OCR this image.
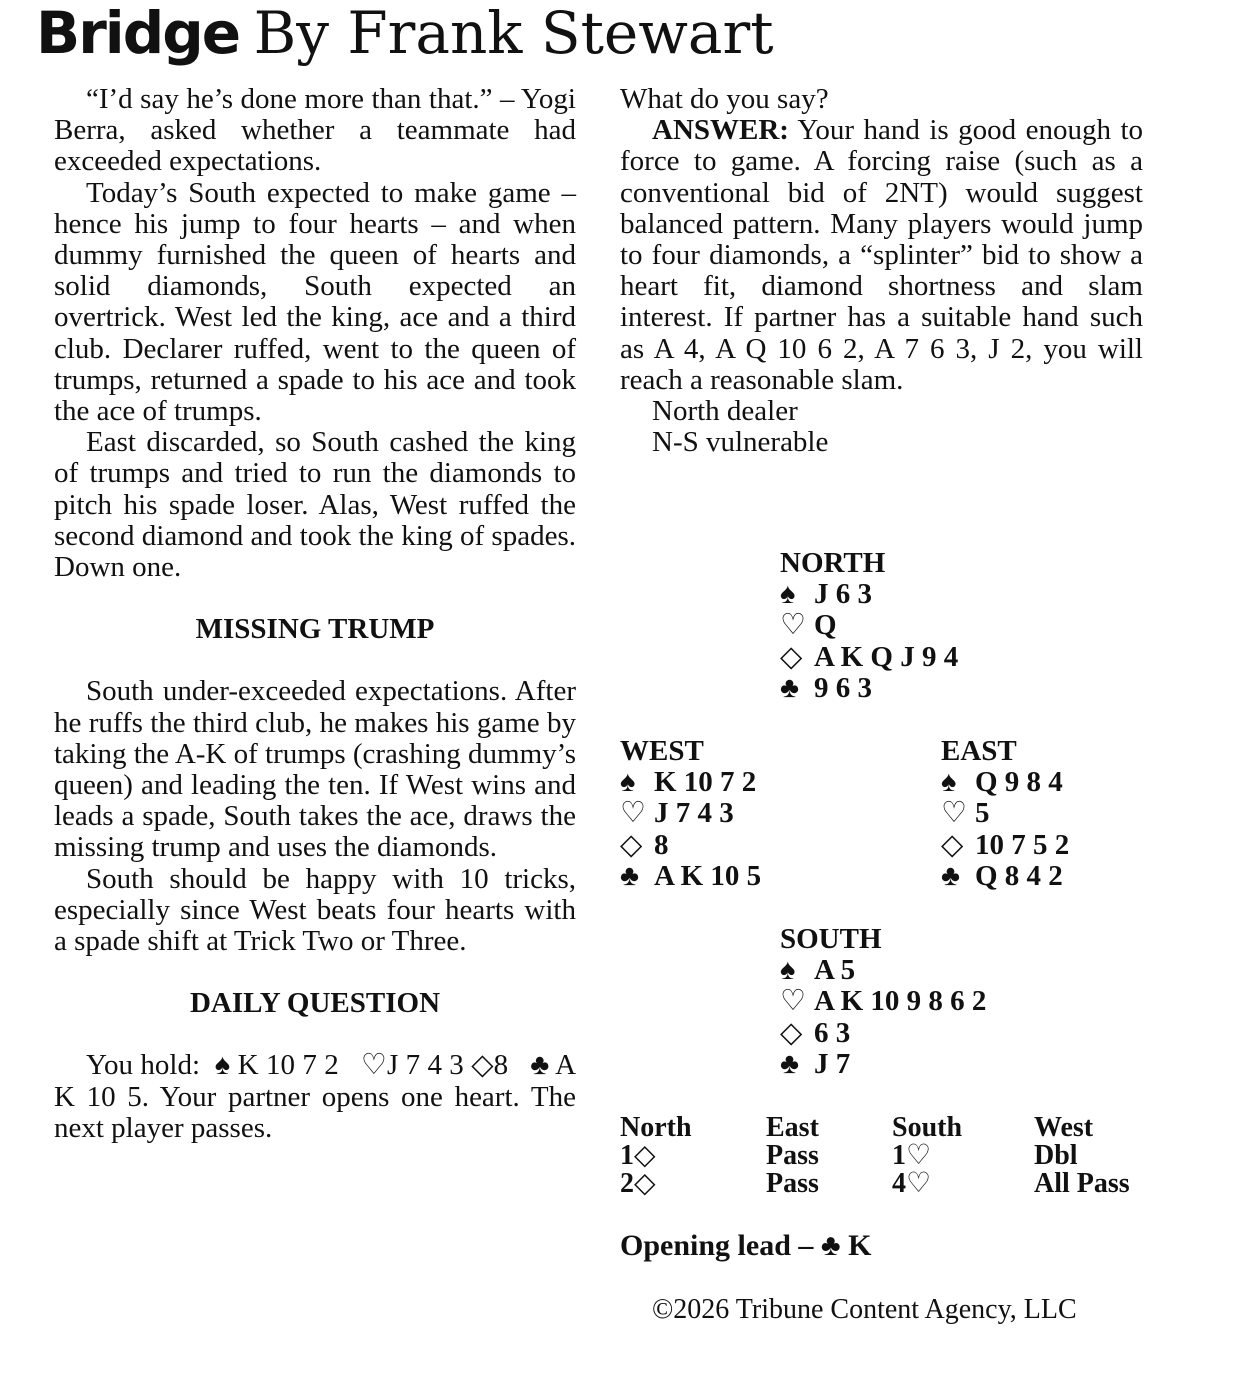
Bridge By Frank Stewart

“I’d say he’s done more than that.” – Yogi Berra, asked whether a teammate had exceeded expectations.

Today’s South expected to make game – hence his jump to four hearts – and when dummy furnished the queen of hearts and solid diamonds, South expected an overtrick. West led the king, ace and a third club. Declarer ruffed, went to the queen of trumps, returned a spade to his ace and took the ace of trumps.

East discarded, so South cashed the king of trumps and tried to run the diamonds to pitch his spade loser. Alas, West ruffed the second diamond and took the king of spades. Down one.

MISSING TRUMP

South under-exceeded expectations. After he ruffs the third club, he makes his game by taking the A-K of trumps (crashing dummy’s queen) and leading the ten. If West wins and leads a spade, South takes the ace, draws the missing trump and uses the diamonds.

South should be happy with 10 tricks, especially since West beats four hearts with a spade shift at Trick Two or Three.

DAILY QUESTION

You hold: ♠ K 10 7 2 ♡J 7 4 3 ◇8 ♣ A K 10 5. Your partner opens one heart. The next player passes.

What do you say?

ANSWER: Your hand is good enough to force to game. A forcing raise (such as a conventional bid of 2NT) would suggest balanced pattern. Many players would jump to four diamonds, a “splinter” bid to show a heart fit, diamond shortness and slam interest. If partner has a suitable hand such as A 4, A Q 10 6 2, A 7 6 3, J 2, you will reach a reasonable slam.

North dealer

N-S vulnerable

NORTH
♠ J 6 3
♡ Q
◇ A K Q J 9 4
♣ 9 6 3
WEST
♠ K 10 7 2
♡ J 7 4 3
◇ 8
♣ A K 10 5
EAST
♠ Q 9 8 4
♡ 5
◇ 10 7 5 2
♣ Q 8 4 2
SOUTH
♠ A 5
♡ A K 10 9 8 6 2
◇ 6 3
♣ J 7
North	East	South	West
1◇	Pass	1♡	Dbl
2◇	Pass	4♡	All Pass
Opening lead – ♣ K
©2026 Tribune Content Agency, LLC
